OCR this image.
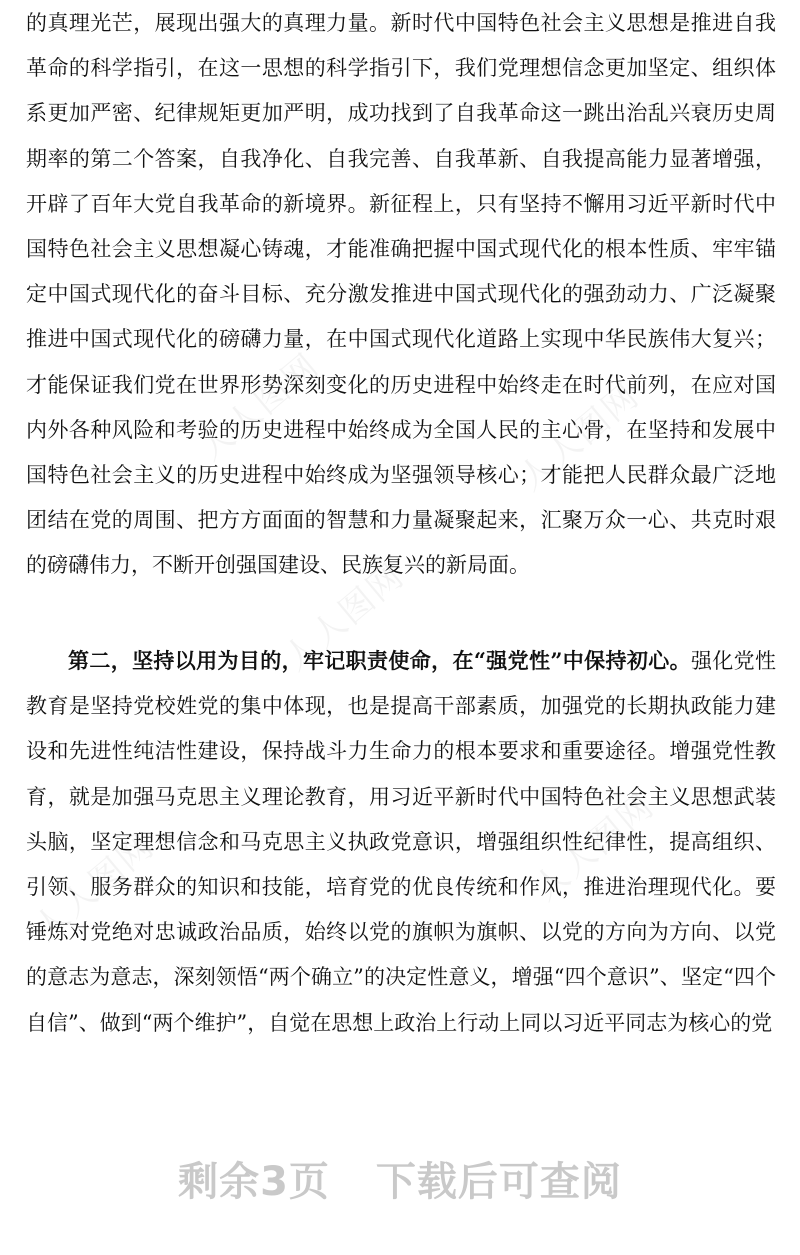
的真理光芒，展现出强大的真理力量。新时代中国特色社会主义思想是推进自我革命的科学指引，在这一思想的科学指引下，我们党理想信念更加坚定、组织体系更加严密、纪律规矩更加严明，成功找到了自我革命这一跳出治乱兴衰历史周期率的第二个答案，自我净化、自我完善、自我革新、自我提高能力显著增强，开辟了百年大党自我革命的新境界。新征程上，只有坚持不懈用习近平新时代中国特色社会主义思想凝心铸魂，才能准确把握中国式现代化的根本性质、牢牢锚定中国式现代化的奋斗目标、充分激发推进中国式现代化的强劲动力、广泛凝聚推进中国式现代化的磅礴力量，在中国式现代化道路上实现中华民族伟大复兴；才能保证我们党在世界形势深刻变化的历史进程中始终走在时代前列，在应对国内外各种风险和考验的历史进程中始终成为全国人民的主心骨，在坚持和发展中国特色社会主义的历史进程中始终成为坚强领导核心；才能把人民群众最广泛地团结在党的周围、把方方面面的智慧和力量凝聚起来，汇聚万众一心、共克时艰的磅礴伟力，不断开创强国建设、民族复兴的新局面。

第二，坚持以用为目的，牢记职责使命，在“强党性”中保持初心。强化党性教育是坚持党校姓党的集中体现，也是提高干部素质，加强党的长期执政能力建设和先进性纯洁性建设，保持战斗力生命力的根本要求和重要途径。增强党性教育，就是加强马克思主义理论教育，用习近平新时代中国特色社会主义思想武装头脑，坚定理想信念和马克思主义执政党意识，增强组织性纪律性，提高组织、引领、服务群众的知识和技能，培育党的优良传统和作风，推进治理现代化。要锤炼对党绝对忠诚政治品质，始终以党的旗帜为旗帜、以党的方向为方向、以党的意志为意志，深刻领悟“两个确立”的决定性意义，增强“四个意识”、坚定“四个自信”、做到“两个维护”，自觉在思想上政治上行动上同以习近平同志为核心的党

人人图网	人人图网
人人图网
人人图网	人人图网
剩余3页 下载后可查阅
